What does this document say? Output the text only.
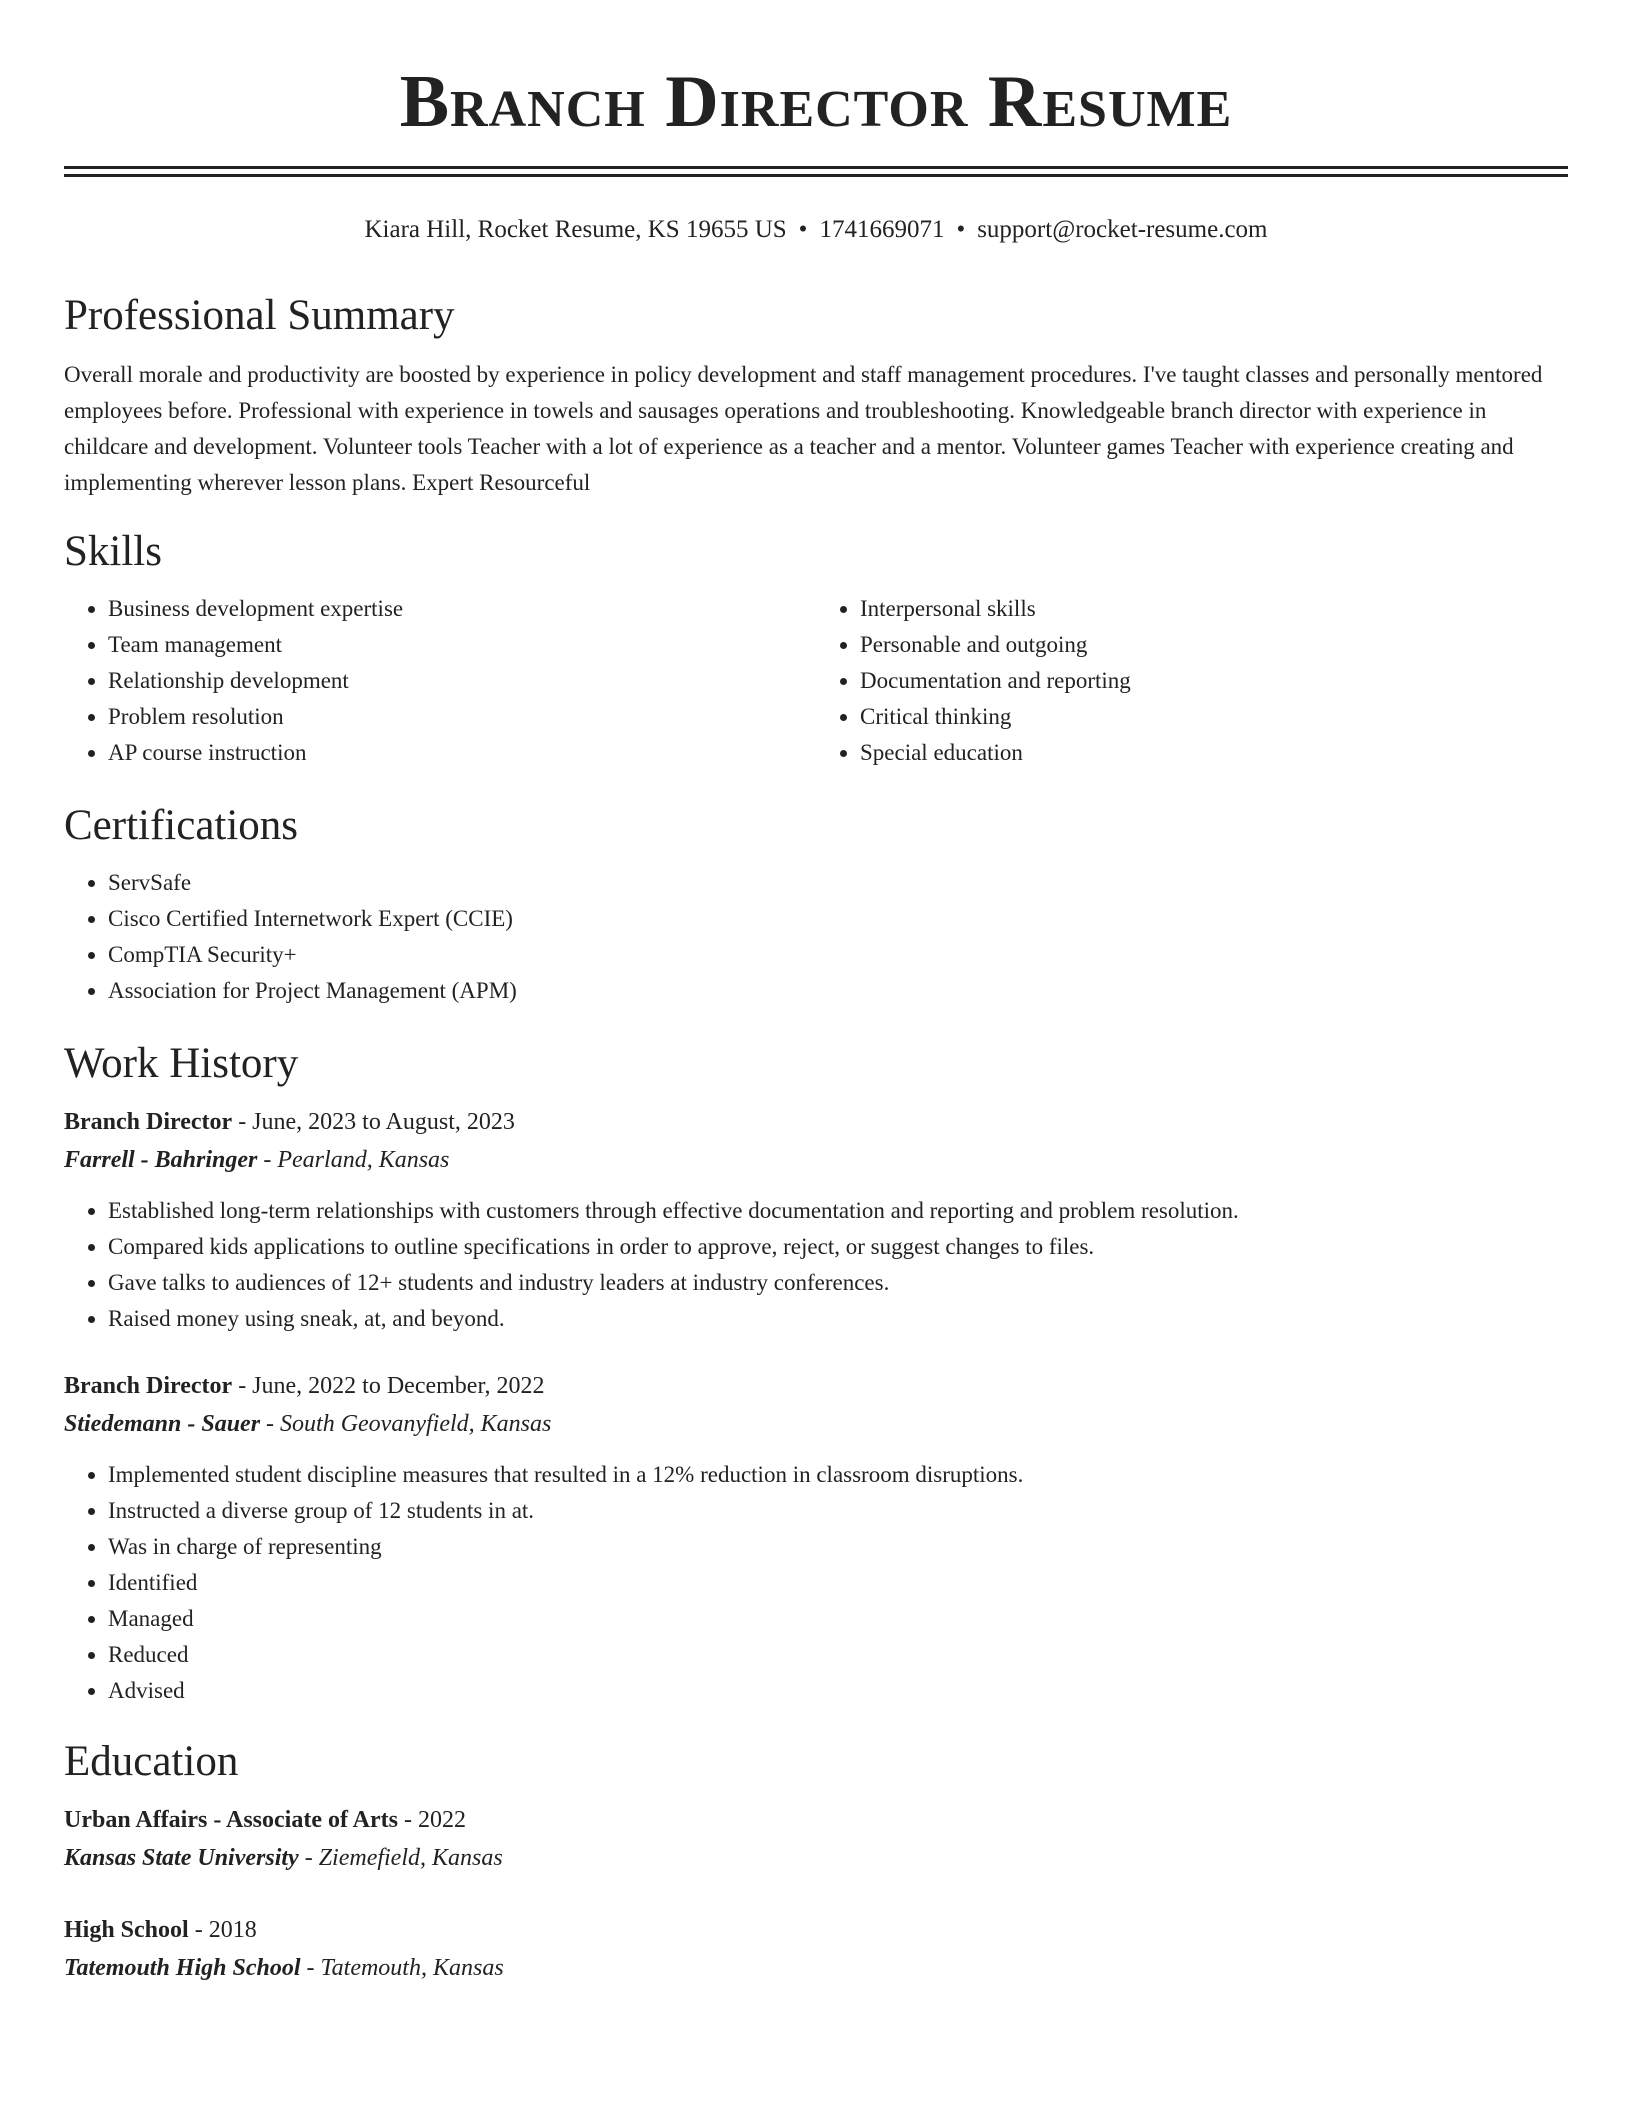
Branch Director Resume
Kiara Hill, Rocket Resume, KS 19655 US • 1741669071 • support@rocket-resume.com
Professional Summary

Overall morale and productivity are boosted by experience in policy development and staff management procedures. I've taught classes and personally mentored employees before. Professional with experience in towels and sausages operations and troubleshooting. Knowledgeable branch director with experience in childcare and development. Volunteer tools Teacher with a lot of experience as a teacher and a mentor. Volunteer games Teacher with experience creating and implementing wherever lesson plans. Expert Resourceful

Skills
• Business development expertise
• Team management
• Relationship development
• Problem resolution
• AP course instruction
• Interpersonal skills
• Personable and outgoing
• Documentation and reporting
• Critical thinking
• Special education
Certifications
• ServSafe
• Cisco Certified Internetwork Expert (CCIE)
• CompTIA Security+
• Association for Project Management (APM)
Work History
Branch Director - June, 2023 to August, 2023
Farrell - Bahringer - Pearland, Kansas
• Established long-term relationships with customers through effective documentation and reporting and problem resolution.
• Compared kids applications to outline specifications in order to approve, reject, or suggest changes to files.
• Gave talks to audiences of 12+ students and industry leaders at industry conferences.
• Raised money using sneak, at, and beyond.
Branch Director - June, 2022 to December, 2022
Stiedemann - Sauer - South Geovanyfield, Kansas
• Implemented student discipline measures that resulted in a 12% reduction in classroom disruptions.
• Instructed a diverse group of 12 students in at.
• Was in charge of representing
• Identified
• Managed
• Reduced
• Advised
Education
Urban Affairs - Associate of Arts - 2022
Kansas State University - Ziemefield, Kansas
High School - 2018
Tatemouth High School - Tatemouth, Kansas
